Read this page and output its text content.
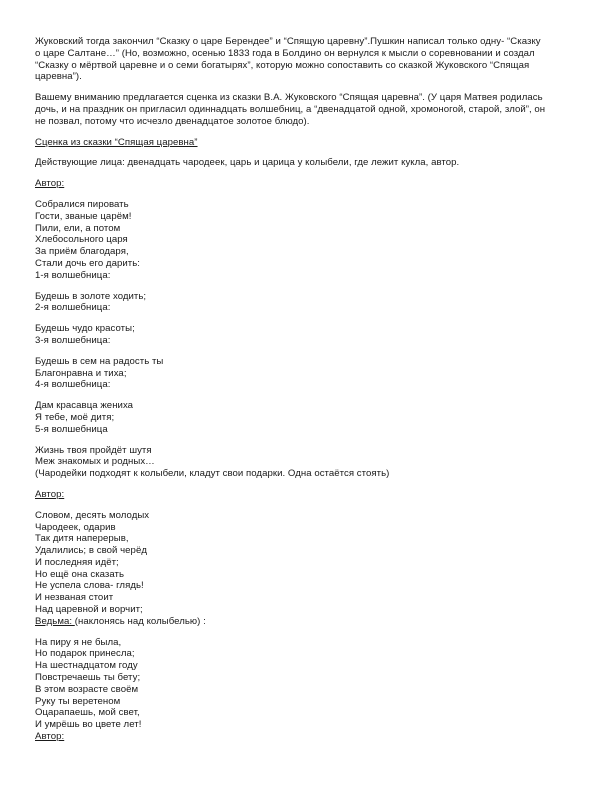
Жуковский тогда закончил “Сказку о царе Берендее” и “Спящую царевну”.Пушкин написал только одну- “Сказку
о царе Салтане…” (Но, возможно, осенью 1833 года в Болдино он вернулся к мысли о соревновании и создал
“Сказку о мёртвой царевне и о семи богатырях”, которую можно сопоставить со сказкой Жуковского “Спящая
царевна”).
Вашему вниманию предлагается сценка из сказки В.А. Жуковского “Спящая царевна”. (У царя Матвея родилась
дочь, и на праздник он пригласил одиннадцать волшебниц, а “двенадцатой одной, хромоногой, старой, злой”, он
не позвал, потому что исчезло двенадцатое золотое блюдо).
Сценка из сказки “Спящая царевна”
Действующие лица: двенадцать чародеек, царь и царица у колыбели, где лежит кукла, автор.
Автор:
Собралися пировать
Гости, званые царём!
Пили, ели, а потом
Хлебосольного царя
За приём благодаря,
Стали дочь его дарить:
1-я волшебница:
Будешь в золоте ходить;
2-я волшебница:
Будешь чудо красоты;
3-я волшебница:
Будешь в сем на радость ты
Благонравна и тиха;
4-я волшебница:
Дам красавца жениха
Я тебе, моё дитя;
5-я волшебница
Жизнь твоя пройдёт шутя
Меж знакомых и родных…
(Чародейки подходят к колыбели, кладут свои подарки. Одна остаётся стоять)
Автор:
Словом, десять молодых
Чародеек, одарив
Так дитя наперерыв,
Удалились; в свой черёд
И последняя идёт;
Но ещё она сказать
Не успела слова- глядь!
И незваная стоит
Над царевной и ворчит;
Ведьма: (наклонясь над колыбелью) :
На пиру я не была,
Но подарок принесла;
На шестнадцатом году
Повстречаешь ты бету;
В этом возрасте своём
Руку ты веретеном
Оцарапаешь, мой свет,
И умрёшь во цвете лет!
Автор:
